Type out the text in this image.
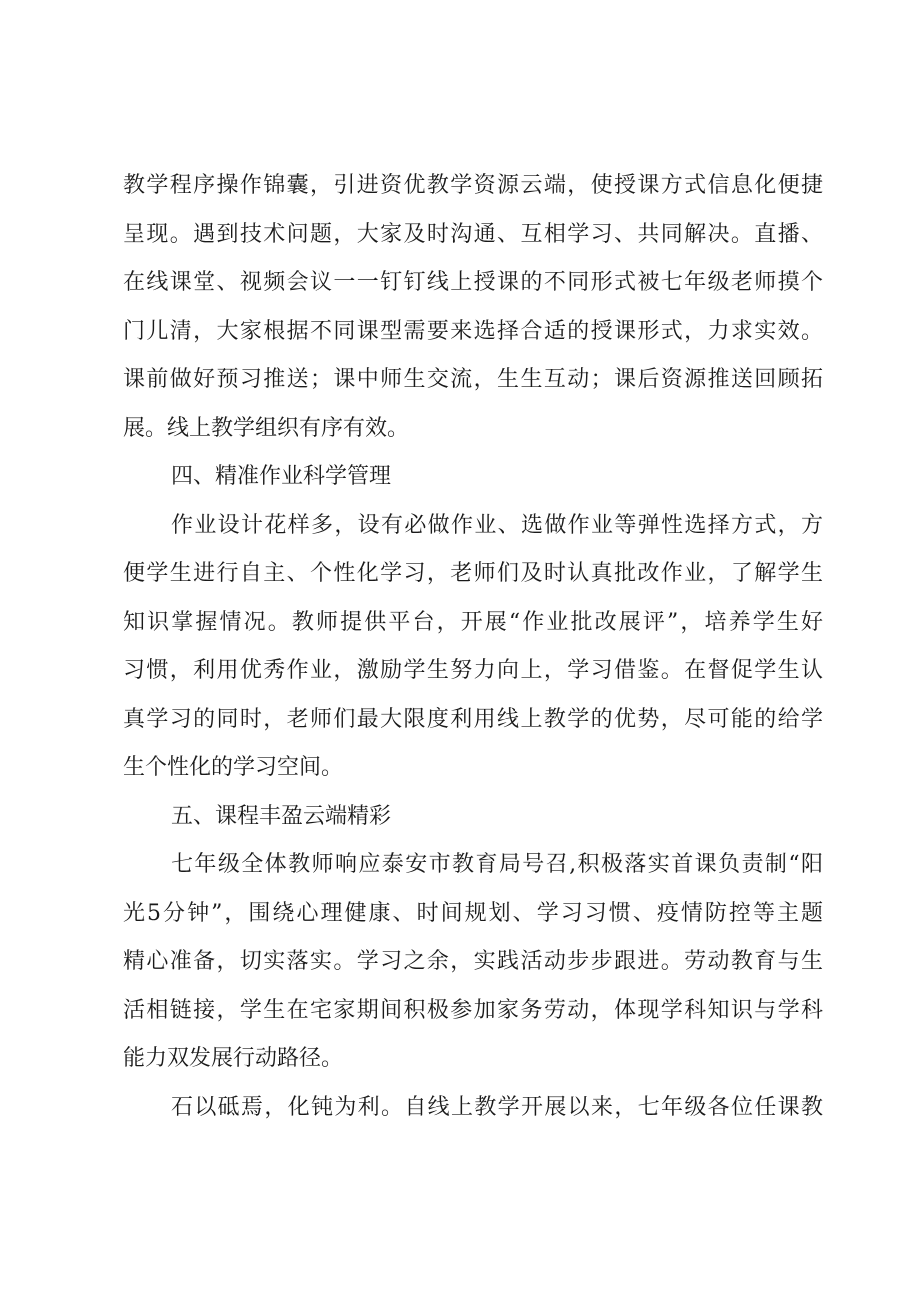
教学程序操作锦囊，引进资优教学资源云端，使授课方式信息化便捷
呈现。遇到技术问题，大家及时沟通、互相学习、共同解决。直播、
在线课堂、视频会议一一钉钉线上授课的不同形式被七年级老师摸个
门儿清，大家根据不同课型需要来选择合适的授课形式，力求实效。
课前做好预习推送；课中师生交流，生生互动；课后资源推送回顾拓
展。线上教学组织有序有效。
四、精准作业科学管理
作业设计花样多，设有必做作业、选做作业等弹性选择方式，方
便学生进行自主、个性化学习，老师们及时认真批改作业，了解学生
知识掌握情况。教师提供平台，开展“作业批改展评”，培养学生好
习惯，利用优秀作业，激励学生努力向上，学习借鉴。在督促学生认
真学习的同时，老师们最大限度利用线上教学的优势，尽可能的给学
生个性化的学习空间。
五、课程丰盈云端精彩
七年级全体教师响应泰安市教育局号召,积极落实首课负责制“阳
光5分钟”，围绕心理健康、时间规划、学习习惯、疫情防控等主题
精心准备，切实落实。学习之余，实践活动步步跟进。劳动教育与生
活相链接，学生在宅家期间积极参加家务劳动，体现学科知识与学科
能力双发展行动路径。
石以砥焉，化钝为利。自线上教学开展以来，七年级各位任课教
